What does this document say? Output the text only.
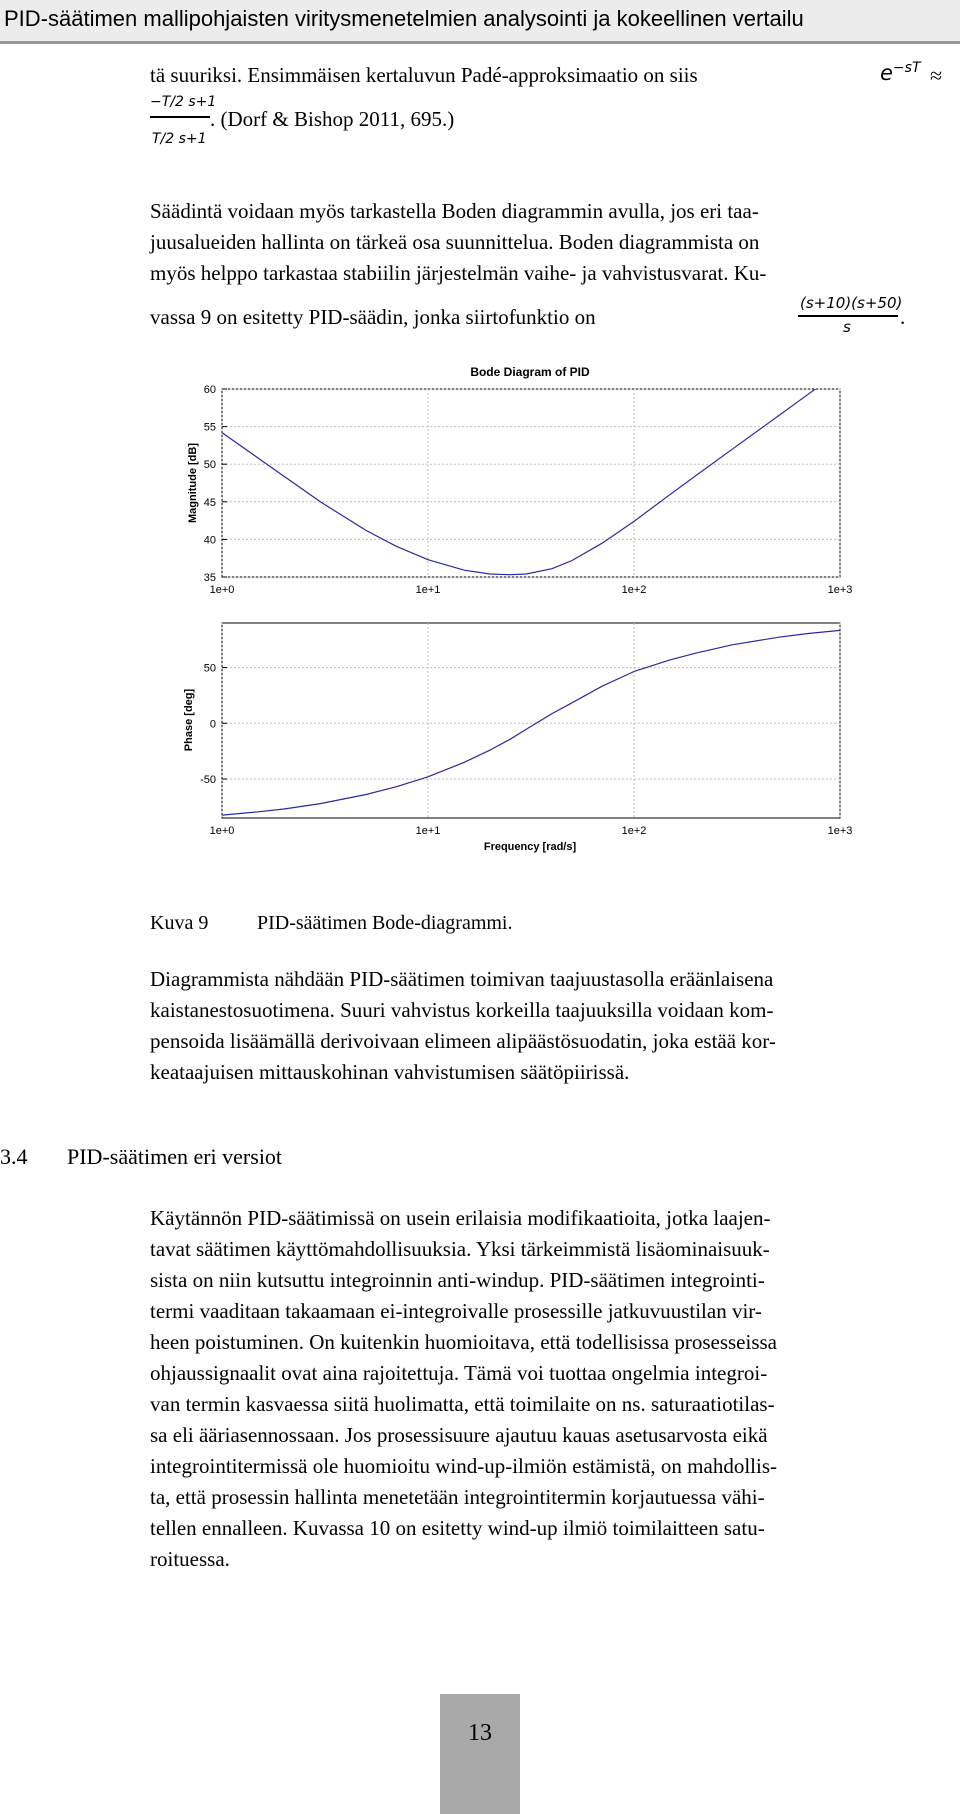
PID-säätimen mallipohjaisten viritysmenetelmien analysointi ja kokeellinen vertailu
tä suuriksi. Ensimmäisen kertaluvun Padé-approksimaatio on siis	$e^{-sT}$ ≈
−T/2 s+1
T/2 s+1
. (Dorf & Bishop 2011, 695.)
Säädintä voidaan myös tarkastella Boden diagrammin avulla, jos eri taa-
juusalueiden hallinta on tärkeä osa suunnittelua. Boden diagrammista on
myös helppo tarkastaa stabiilin järjestelmän vaihe- ja vahvistusvarat. Ku-
vassa 9 on esitetty PID-säädin, jonka siirtofunktio on
(s+10)(s+50)
s .
Bode Diagram of PID
35
40
45
50
55
60
1e+0	1e+1	1e+2	1e+3
Magnitude [dB]
50
0
-50
1e+0	1e+1	1e+2	1e+3
Phase [deg]
Frequency [rad/s]
Kuva 9 PID-säätimen Bode-diagrammi.
Diagrammista nähdään PID-säätimen toimivan taajuustasolla eräänlaisena
kaistanestosuotimena. Suuri vahvistus korkeilla taajuuksilla voidaan kom-
pensoida lisäämällä derivoivaan elimeen alipäästösuodatin, joka estää kor-
keataajuisen mittauskohinan vahvistumisen säätöpiirissä.
3.4 PID-säätimen eri versiot
Käytännön PID-säätimissä on usein erilaisia modifikaatioita, jotka laajen-
tavat säätimen käyttömahdollisuuksia. Yksi tärkeimmistä lisäominaisuuk-
sista on niin kutsuttu integroinnin anti-windup. PID-säätimen integrointi-
termi vaaditaan takaamaan ei-integroivalle prosessille jatkuvuustilan vir-
heen poistuminen. On kuitenkin huomioitava, että todellisissa prosesseissa
ohjaussignaalit ovat aina rajoitettuja. Tämä voi tuottaa ongelmia integroi-
van termin kasvaessa siitä huolimatta, että toimilaite on ns. saturaatiotilas-
sa eli ääriasennossaan. Jos prosessisuure ajautuu kauas asetusarvosta eikä
integrointitermissä ole huomioitu wind-up-ilmiön estämistä, on mahdollis-
ta, että prosessin hallinta menetetään integrointitermin korjautuessa vähi-
tellen ennalleen. Kuvassa 10 on esitetty wind-up ilmiö toimilaitteen satu-
roituessa.
13
